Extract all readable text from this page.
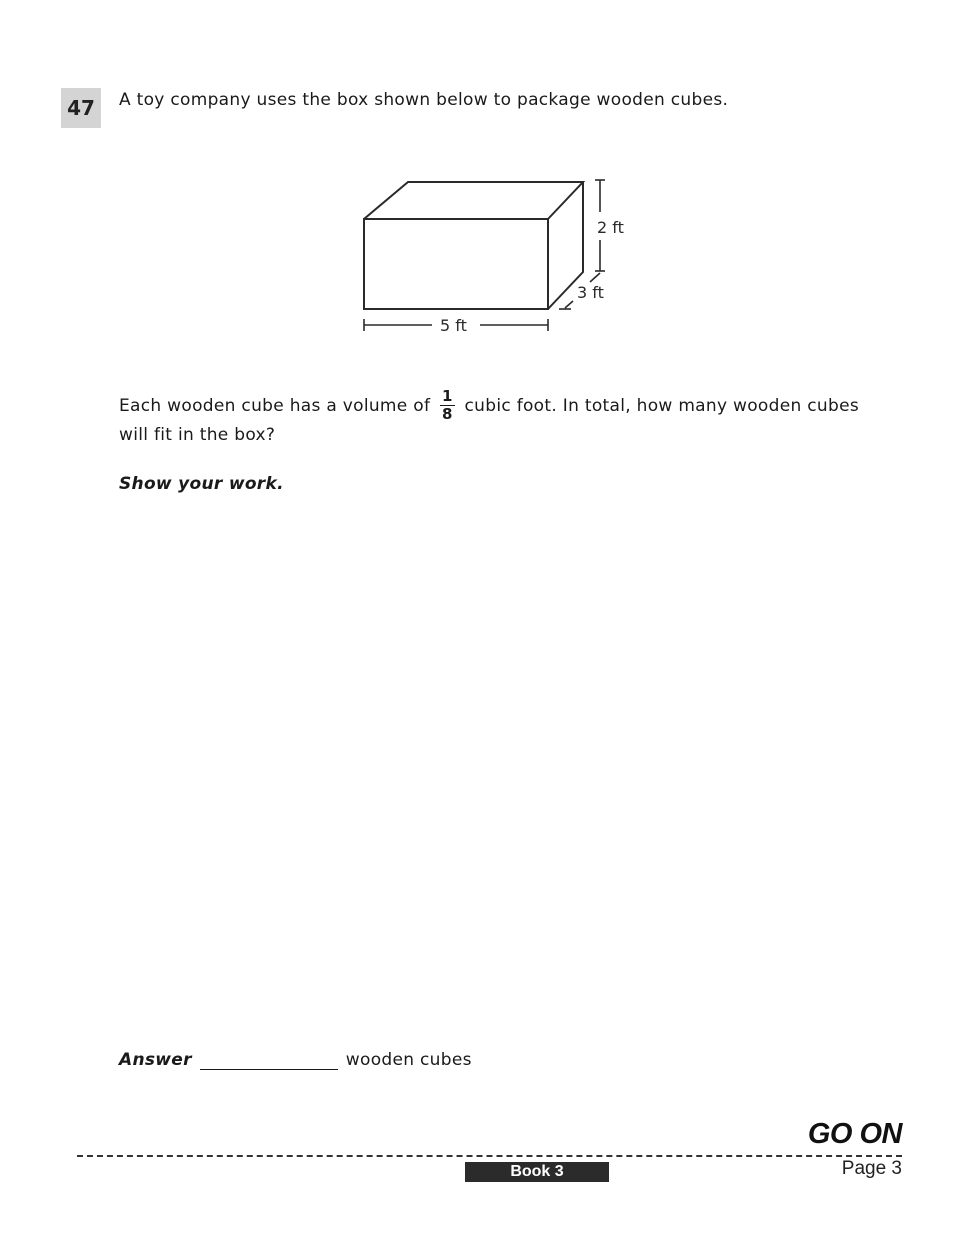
47	A toy company uses the box shown below to package wooden cubes.
2 ft
3 ft
5 ft
Each wooden cube has a volume of $\frac{1}{8}$ cubic foot. In total, how many wooden cubes
will fit in the box?
Show your work.
Answer	wooden cubes
GO ON
Book 3	Page 3
